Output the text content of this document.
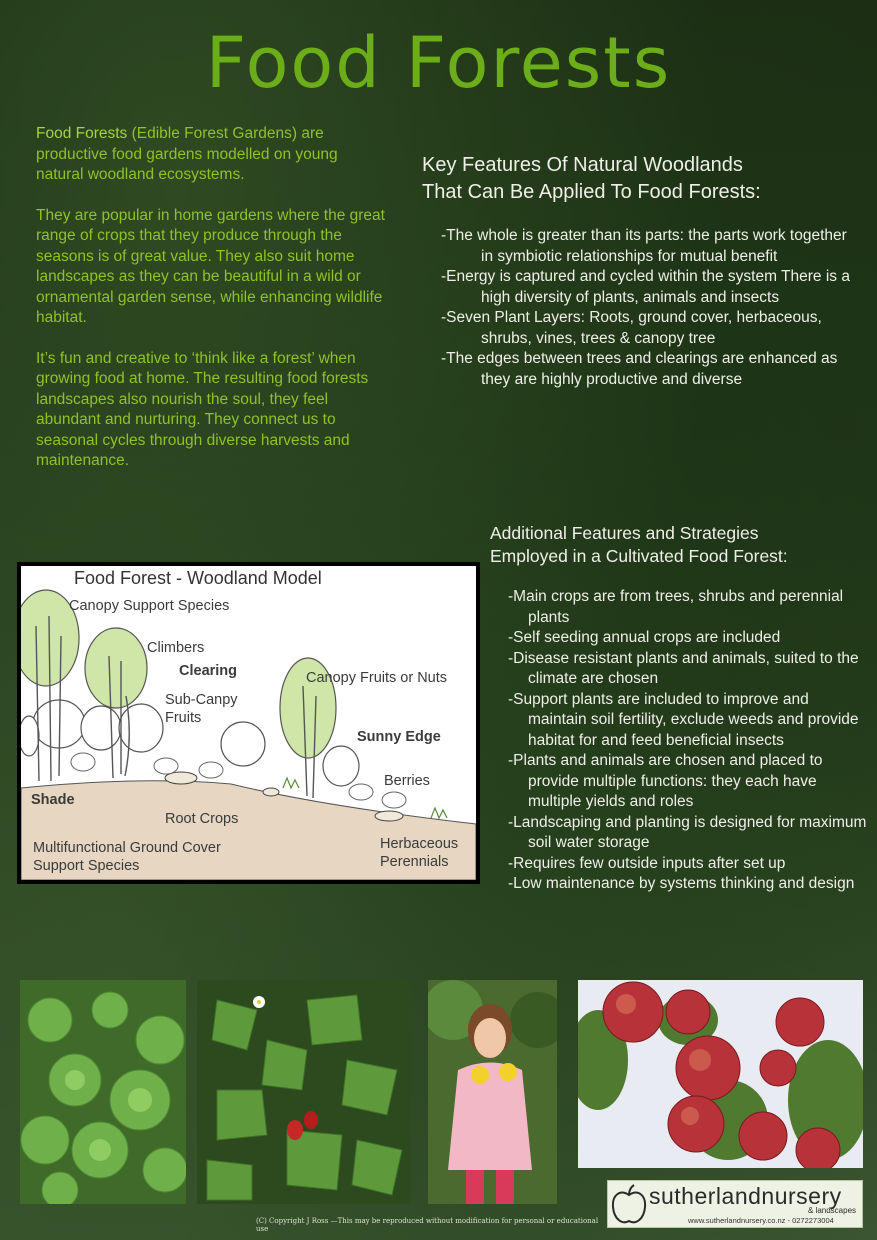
Food Forests

Food Forests (Edible Forest Gardens) are productive food gardens modelled on young natural woodland ecosystems.

They are popular in home gardens where the great range of crops that they produce through the seasons is of great value. They also suit home landscapes as they can be beautiful in a wild or ornamental garden sense, while enhancing wildlife habitat.

It’s fun and creative to ‘think like a forest’ when growing food at home. The resulting food forests landscapes also nourish the soul, they feel abundant and nurturing. They connect us to seasonal cycles through diverse harvests and maintenance.

Key Features Of Natural Woodlands
That Can Be Applied To Food Forests:

-The whole is greater than its parts: the parts work together in symbiotic relationships for mutual benefit

-Energy is captured and cycled within the system There is a high diversity of plants, animals and insects

-Seven Plant Layers: Roots, ground cover, herbaceous, shrubs, vines, trees & canopy tree

-The edges between trees and clearings are enhanced as they are highly productive and diverse

Additional Features and Strategies
Employed in a Cultivated Food Forest:

-Main crops are from trees, shrubs and perennial plants

-Self seeding annual crops are included

-Disease resistant plants and animals, suited to the climate are chosen

-Support plants are included to improve and maintain soil fertility, exclude weeds and provide habitat for and feed beneficial insects

-Plants and animals are chosen and placed to provide multiple functions: they each have multiple yields and roles

-Landscaping and planting is designed for maximum soil water storage

-Requires few outside inputs after set up

-Low maintenance by systems thinking and design

Food Forest - Woodland Model
Canopy Support Species
Climbers
Clearing	Canopy Fruits or Nuts
Sub-Canpy
Fruits
Sunny Edge
Berries
Shade
Root Crops
Herbaceous
Perennials
Multifunctional Ground Cover
Support Species
sutherlandnursery
& landscapes
www.sutherlandnursery.co.nz - 0272273004
(C) Copyright J Ross —This may be reproduced without modification for personal or educational use
